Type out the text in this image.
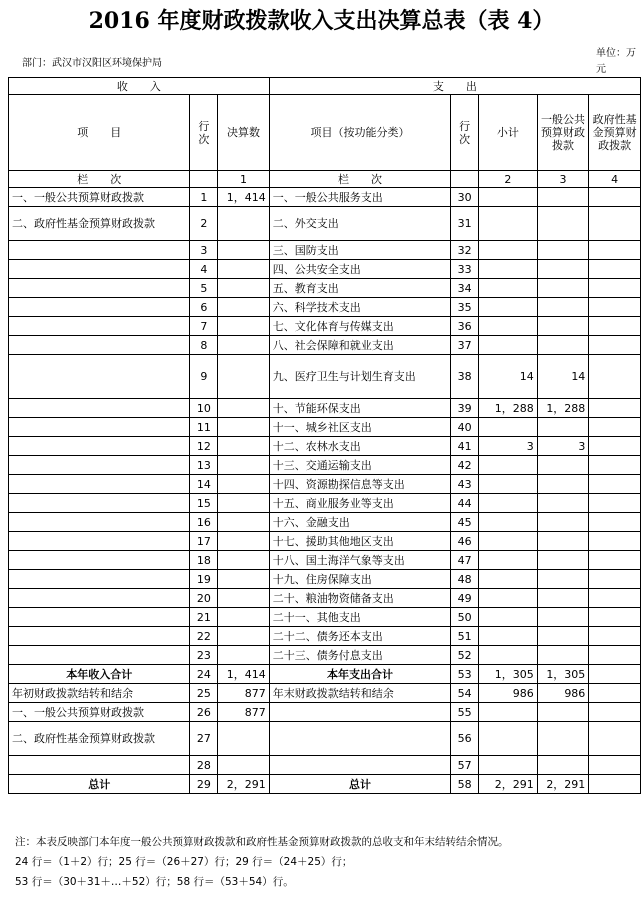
2016 年度财政拨款收入支出决算总表（表 4）
部门：武汉市汉阳区环境保护局
单位：万元
收　　入			支　　出				
项　　目	行次	决算数	项目（按功能分类）	行次	小计	一般公共预算财政拨款	政府性基金预算财政拨款
栏　　次		1	栏　　次		2	3	4
一、一般公共预算财政拨款	1	1，414	一、一般公共服务支出	30			
二、政府性基金预算财政拨款	2		二、外交支出	31			
	3		三、国防支出	32			
	4		四、公共安全支出	33			
	5		五、教育支出	34			
	6		六、科学技术支出	35			
	7		七、文化体育与传媒支出	36			
	8		八、社会保障和就业支出	37			
	9		九、医疗卫生与计划生育支出	38	14	14	
	10		十、节能环保支出	39	1，288	1，288	
	11		十一、城乡社区支出	40			
	12		十二、农林水支出	41	3	3	
	13		十三、交通运输支出	42			
	14		十四、资源勘探信息等支出	43			
	15		十五、商业服务业等支出	44			
	16		十六、金融支出	45			
	17		十七、援助其他地区支出	46			
	18		十八、国土海洋气象等支出	47			
	19		十九、住房保障支出	48			
	20		二十、粮油物资储备支出	49			
	21		二十一、其他支出	50			
	22		二十二、债务还本支出	51			
	23		二十三、债务付息支出	52			
本年收入合计	24	1，414	本年支出合计	53	1，305	1，305	
年初财政拨款结转和结余	25	877	年末财政拨款结转和结余	54	986	986	
一、一般公共预算财政拨款	26	877		55			
二、政府性基金预算财政拨款	27			56			
	28			57			
总计	29	2，291	总计	58	2，291	2，291	
注：本表反映部门本年度一般公共预算财政拨款和政府性基金预算财政拨款的总收支和年末结转结余情况。
24 行＝（1＋2）行；25 行＝（26＋27）行；29 行＝（24＋25）行；
53 行＝（30＋31＋…＋52）行；58 行＝（53＋54）行。
